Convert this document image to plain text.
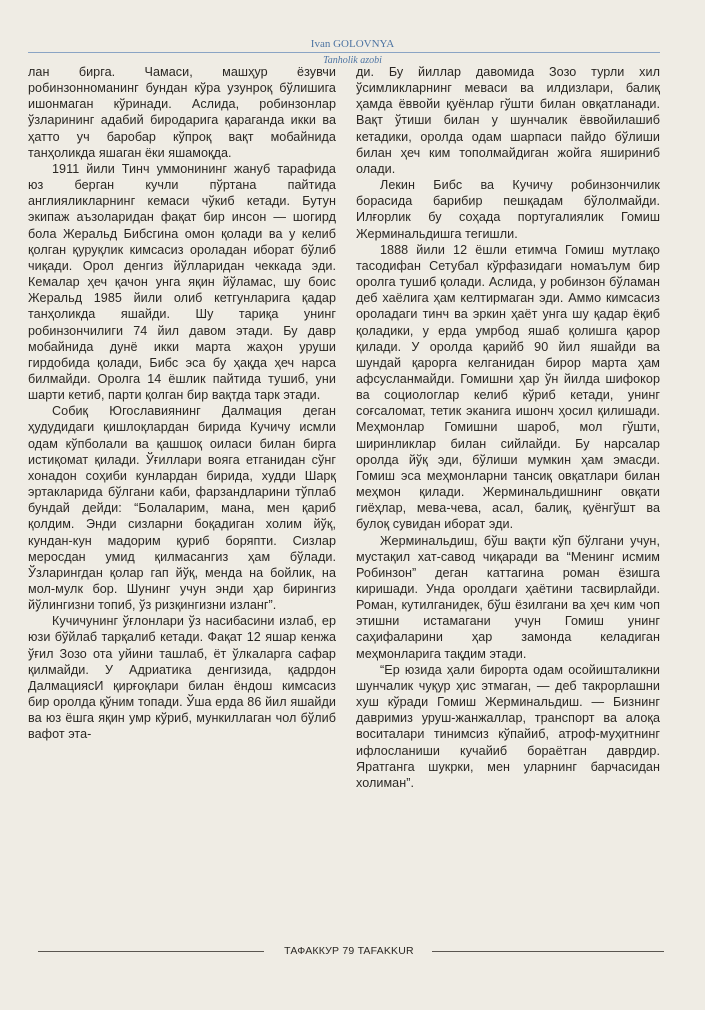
Ivan GOLOVNYA
Tanholik azobi

лан бирга. Чамаси, машҳур ёзувчи робинзонноманинг бундан кўра узунроқ бўлишига ишонмаган кўринади. Аслида, робинзонлар ўзларининг адабий биродарига қараганда икки ва ҳатто уч баробар кўпроқ вақт мобайнида танҳоликда яшаган ёки яшамоқда.

1911 йили Тинч уммонининг жануб тарафида юз берган кучли пўртана пайтида англияликларнинг кемаси чўкиб кетади. Бутун экипаж аъзоларидан фақат бир инсон — шогирд бола Жеральд Бибсгина омон қолади ва у келиб қолган қуруқлик кимсасиз ороладан иборат бўлиб чиқади. Орол денгиз йўлларидан чеккада эди. Кемалар ҳеч қачон унга яқин йўламас, шу боис Жеральд 1985 йили олиб кетгунларига қадар танҳоликда яшайди. Шу тариқа унинг робинзончилиги 74 йил давом этади. Бу давр мобайнида дунё икки марта жаҳон уруши гирдобида қолади, Бибс эса бу ҳақда ҳеч нарса билмайди. Оролга 14 ёшлик пайтида тушиб, уни шарти кетиб, парти қолган бир вақтда тарк этади.

Собиқ Югославиянинг Далмация деган ҳудудидаги қишлоқлардан бирида Кучичу исмли одам кўпболали ва қашшоқ оиласи билан бирга истиқомат қилади. Ўғиллари вояга етганидан сўнг хонадон соҳиби кунлардан бирида, худди Шарқ эртакларида бўлгани каби, фарзандларини тўплаб бундай дейди: “Болаларим, мана, мен қариб қолдим. Энди сизларни боқадиган холим йўқ, кундан-кун мадорим қуриб боряпти. Сизлар меросдан умид қилмасангиз ҳам бўлади. Ўзларингдан қолар гап йўқ, менда на бойлик, на мол-мулк бор. Шунинг учун энди ҳар бирингиз йўлингизни топиб, ўз ризқингизни изланг”.

Кучичунинг ўғлонлари ўз насибасини излаб, ер юзи бўйлаб тарқалиб кетади. Фақат 12 яшар кенжа ўғил Зозо ота уйини ташлаб, ёт ўлкаларга сафар қилмайди. У Адриатика денгизида, қадрдон ДалмациясИ қирғоқлари билан ёндош кимсасиз бир оролда қўним топади. Ўша ерда 86 йил яшайди ва юз ёшга яқин умр кўриб, мункиллаган чол бўлиб вафот эта-

ди. Бу йиллар давомида Зозо турли хил ўсимликларнинг меваси ва илдизлари, балиқ ҳамда ёввойи қуёнлар гўшти билан овқатланади. Вақт ўтиши билан у шунчалик ёввойилашиб кетадики, оролда одам шарпаси пайдо бўлиши билан ҳеч ким тополмайдиган жойга яшириниб олади.

Лекин Бибс ва Кучичу робинзончилик борасида барибир пешқадам бўлолмайди. Илғорлик бу соҳада португалиялик Гомиш Жерминальдишга тегишли.

1888 йили 12 ёшли етимча Гомиш мутлақо тасодифан Сетубал кўрфазидаги номаълум бир оролга тушиб қолади. Аслида, у робинзон бўламан деб хаёлига ҳам келтирмаган эди. Аммо кимсасиз ороладаги тинч ва эркин ҳаёт унга шу қадар ёқиб қоладики, у ерда умрбод яшаб қолишга қарор қилади. У оролда қарийб 90 йил яшайди ва шундай қарорга келганидан бирор марта ҳам афсусланмайди. Гомишни ҳар ўн йилда шифокор ва социологлар келиб кўриб кетади, унинг соғсаломат, тетик эканига ишонч ҳосил қилишади. Меҳмонлар Гомишни шароб, мол гўшти, ширинликлар билан сийлайди. Бу нарсалар оролда йўқ эди, бўлиши мумкин ҳам эмасди. Гомиш эса меҳмонларни тансиқ овқатлари билан меҳмон қилади. Жерминальдишнинг овқати гиёҳлар, мева-чева, асал, балиқ, қуёнгўшт ва булоқ сувидан иборат эди.

Жерминальдиш, бўш вақти кўп бўлгани учун, мустақил хат-савод чиқаради ва “Менинг исмим Робинзон” деган каттагина роман ёзишга киришади. Унда оролдаги ҳаётини тасвирлайди. Роман, кутилганидек, бўш ёзилгани ва ҳеч ким чоп этишни истамагани учун Гомиш унинг саҳифаларини ҳар замонда келадиган меҳмонларига тақдим этади.

“Ер юзида ҳали бирорта одам осойишталикни шунчалик чуқур ҳис этмаган, — деб такрорлашни хуш кўради Гомиш Жерминальдиш. — Бизнинг давримиз уруш-жанжаллар, транспорт ва алоқа воситалари тинимсиз кўпайиб, атроф-муҳитнинг ифлосланиши кучайиб бораётган даврдир. Яратганга шукрки, мен уларнинг барчасидан холиман”.

ТАФАККУР 79 TAFAKKUR
